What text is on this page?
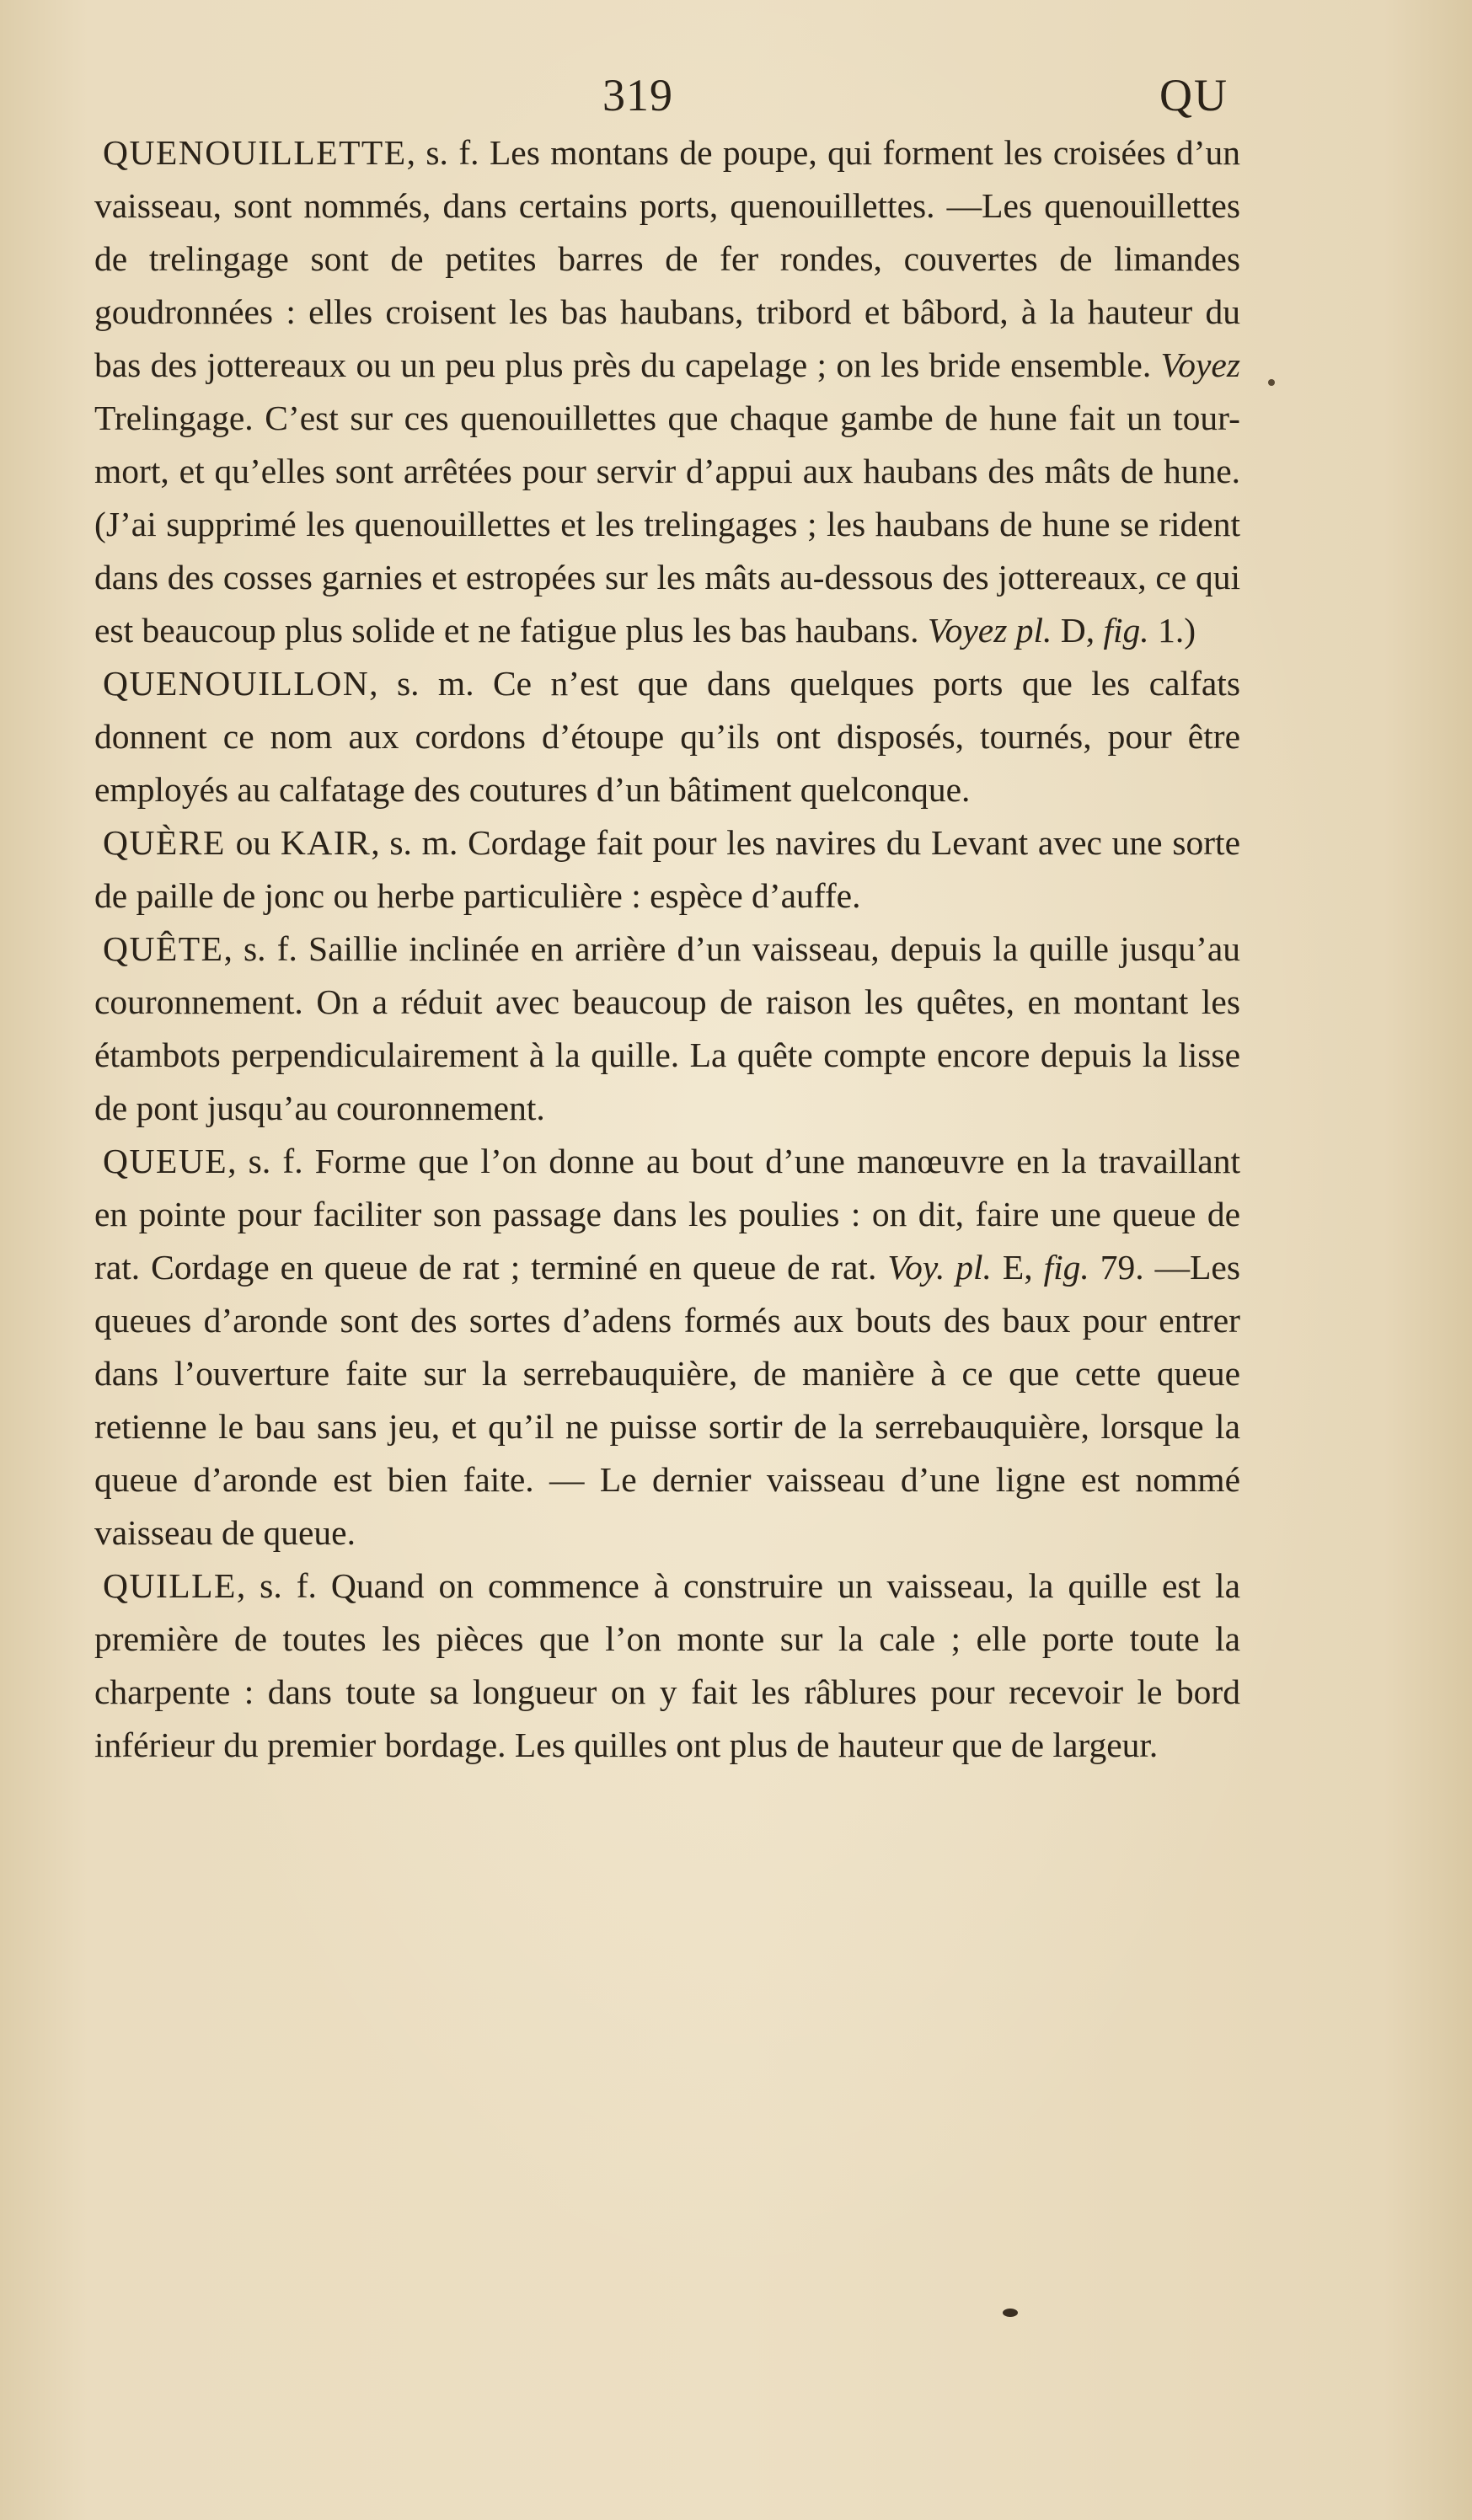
319	QU

QUENOUILLETTE, s. f. Les montans de poupe, qui forment les croisées d’un vaisseau, sont nommés, dans certains ports, quenouillettes. —Les quenouillettes de trelingage sont de petites barres de fer rondes, couvertes de limandes goudronnées : elles croisent les bas haubans, tribord et bâbord, à la hauteur du bas des jottereaux ou un peu plus près du capelage ; on les bride ensemble. Voyez Trelingage. C’est sur ces quenouillettes que chaque gambe de hune fait un tour-mort, et qu’elles sont arrêtées pour servir d’appui aux haubans des mâts de hune. (J’ai supprimé les quenouillettes et les trelingages ; les haubans de hune se rident dans des cosses garnies et estropées sur les mâts au-dessous des jottereaux, ce qui est beaucoup plus solide et ne fatigue plus les bas haubans. Voyez pl. D, fig. 1.)

QUENOUILLON, s. m. Ce n’est que dans quelques ports que les calfats donnent ce nom aux cordons d’étoupe qu’ils ont disposés, tournés, pour être employés au calfatage des coutures d’un bâtiment quelconque.

QUÈRE ou KAIR, s. m. Cordage fait pour les navires du Levant avec une sorte de paille de jonc ou herbe particulière : espèce d’auffe.

QUÊTE, s. f. Saillie inclinée en arrière d’un vaisseau, depuis la quille jusqu’au couronnement. On a réduit avec beaucoup de raison les quêtes, en montant les étambots perpendiculairement à la quille. La quête compte encore depuis la lisse de pont jusqu’au couronnement.

QUEUE, s. f. Forme que l’on donne au bout d’une manœuvre en la travaillant en pointe pour faciliter son passage dans les poulies : on dit, faire une queue de rat. Cordage en queue de rat ; terminé en queue de rat. Voy. pl. E, fig. 79. —Les queues d’aronde sont des sortes d’adens formés aux bouts des baux pour entrer dans l’ouverture faite sur la serrebauquière, de manière à ce que cette queue retienne le bau sans jeu, et qu’il ne puisse sortir de la serrebauquière, lorsque la queue d’aronde est bien faite. — Le dernier vaisseau d’une ligne est nommé vaisseau de queue.

QUILLE, s. f. Quand on commence à construire un vaisseau, la quille est la première de toutes les pièces que l’on monte sur la cale ; elle porte toute la charpente : dans toute sa longueur on y fait les râblures pour recevoir le bord inférieur du premier bordage. Les quilles ont plus de hauteur que de largeur.
